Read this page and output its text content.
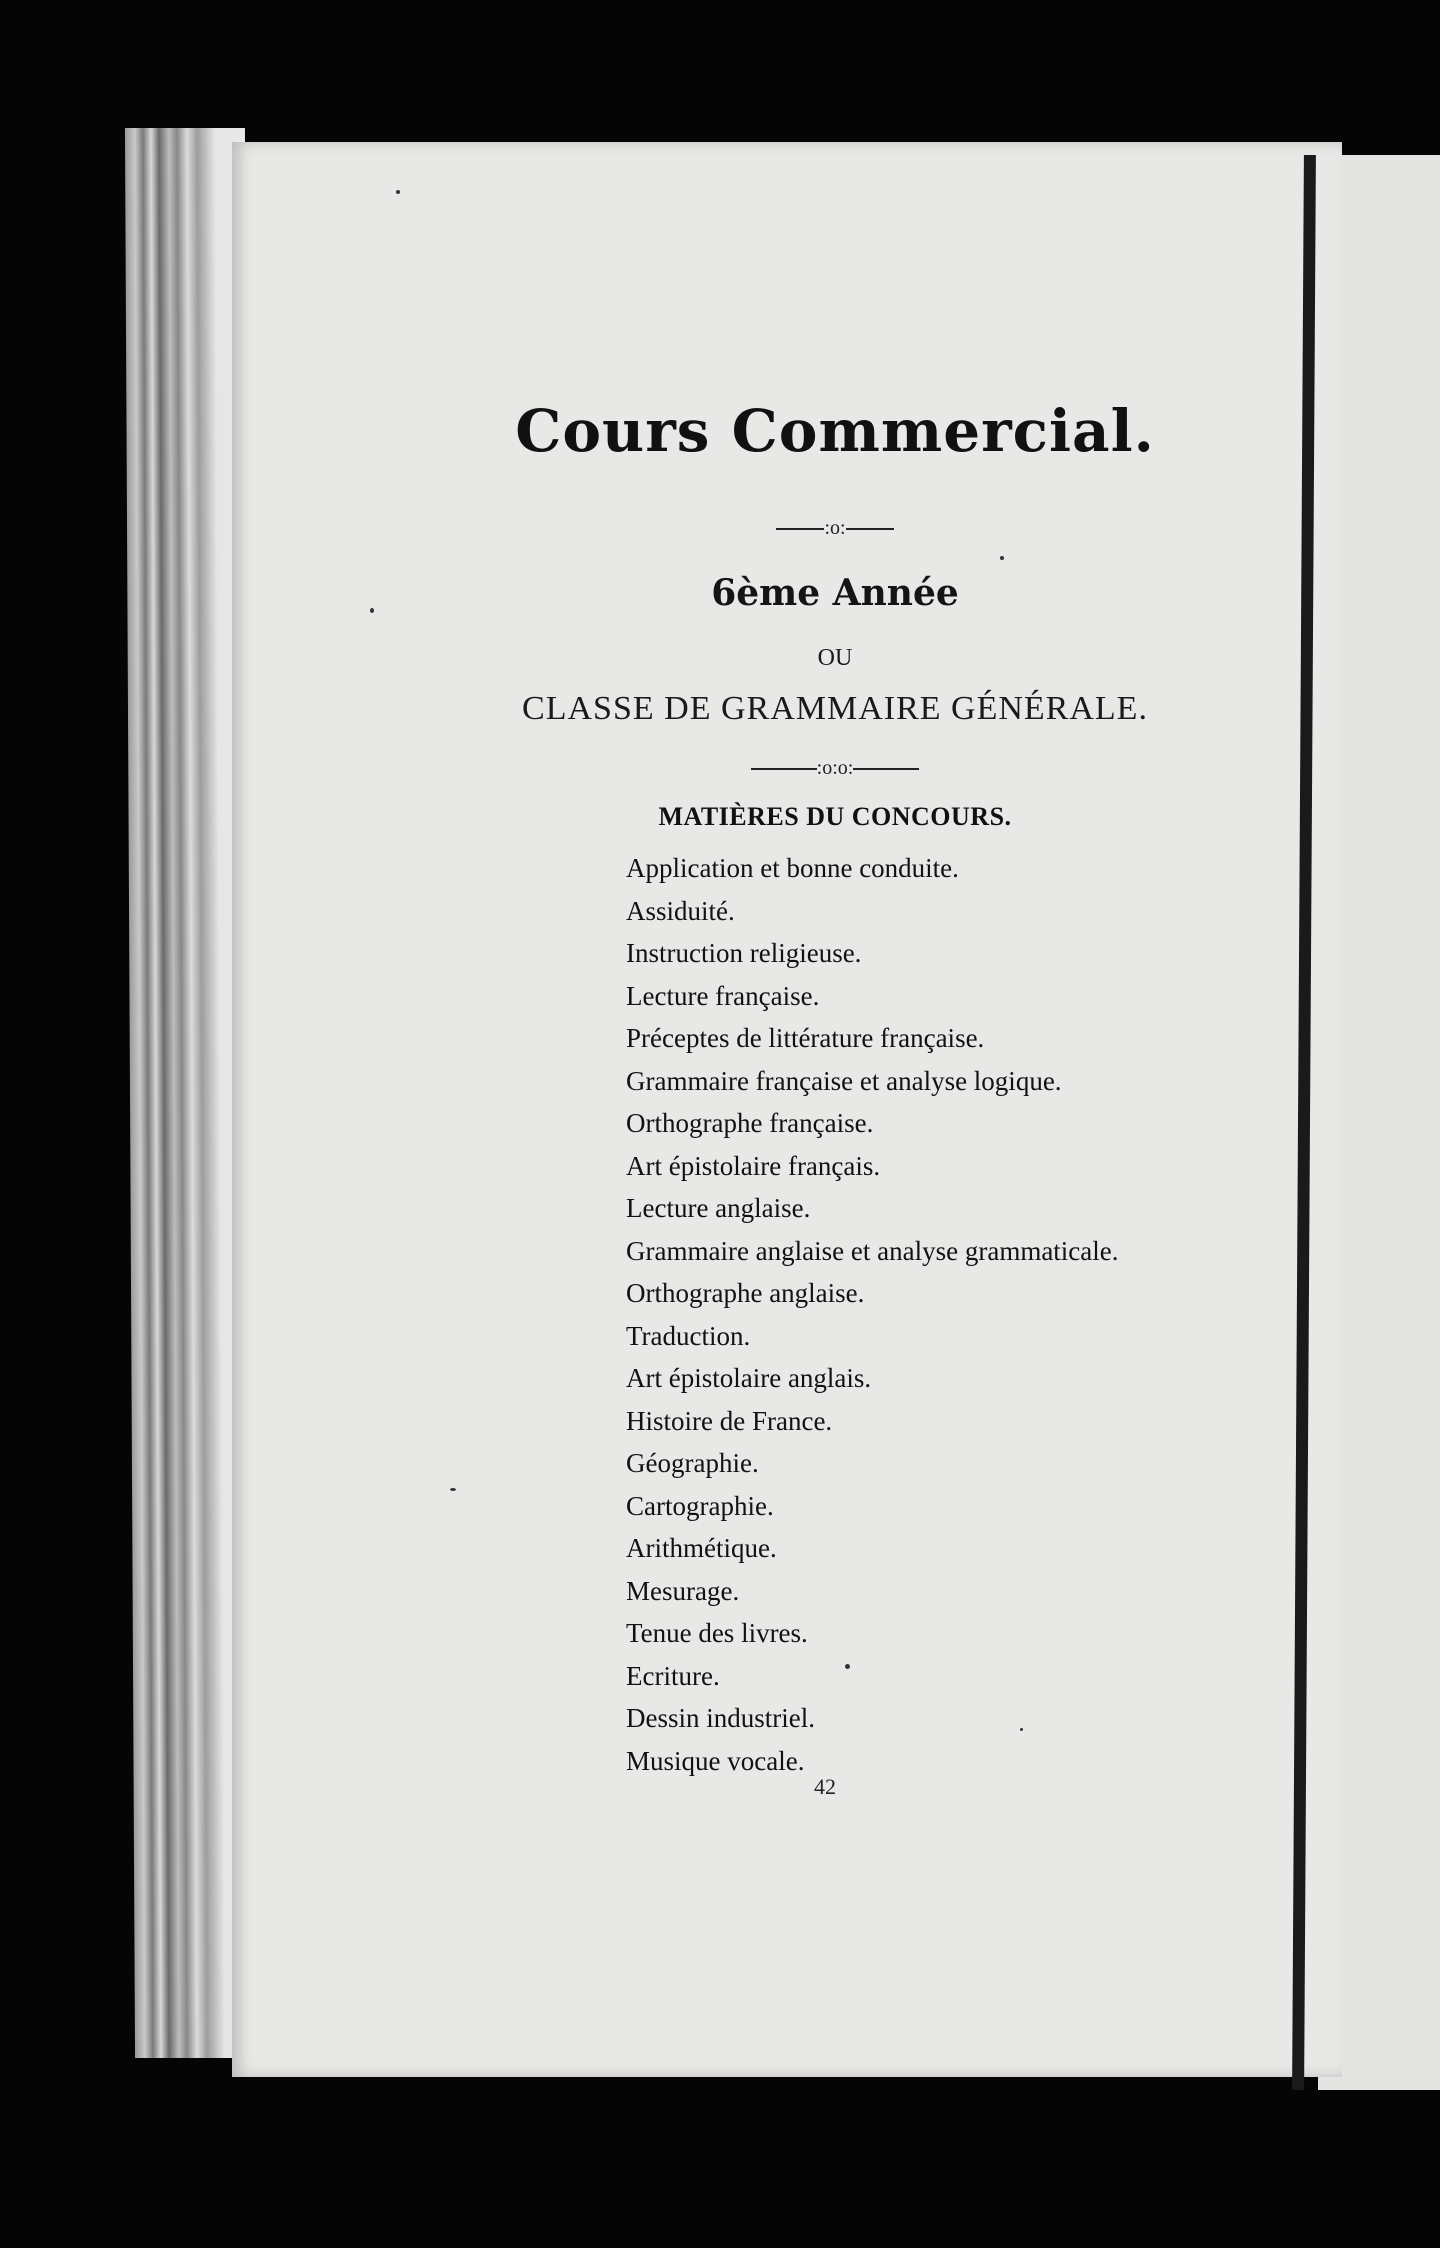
Cours Commercial.
:o:
6ème Année
OU
CLASSE DE GRAMMAIRE GÉNÉRALE.
:o:o:
MATIÈRES DU CONCOURS.
Application et bonne conduite.
Assiduité.
Instruction religieuse.
Lecture française.
Préceptes de littérature française.
Grammaire française et analyse logique.
Orthographe française.
Art épistolaire français.
Lecture anglaise.
Grammaire anglaise et analyse grammaticale.
Orthographe anglaise.
Traduction.
Art épistolaire anglais.
Histoire de France.
Géographie.
Cartographie.
Arithmétique.
Mesurage.
Tenue des livres.
Ecriture.
Dessin industriel.
Musique vocale.
42
